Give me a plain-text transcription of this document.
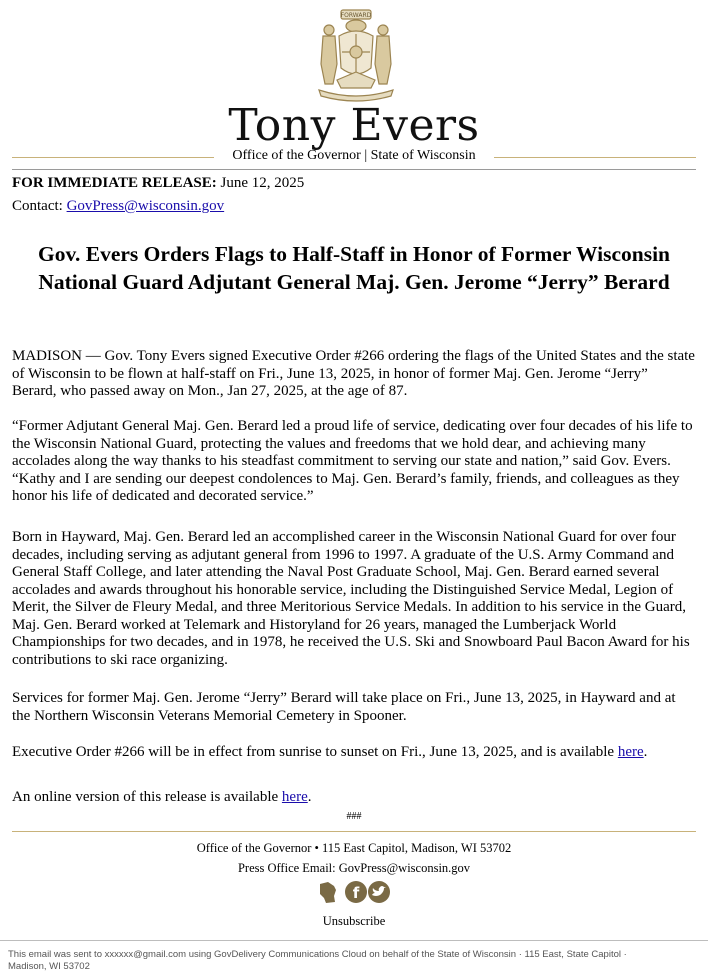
FORWARD
Tony Evers
Office of the Governor | State of Wisconsin

FOR IMMEDIATE RELEASE: June 12, 2025

Contact: GovPress@wisconsin.gov

Gov. Evers Orders Flags to Half-Staff in Honor of Former Wisconsin National Guard Adjutant General Maj. Gen. Jerome “Jerry” Berard

MADISON — Gov. Tony Evers signed Executive Order #266 ordering the flags of the United States and the state of Wisconsin to be flown at half-staff on Fri., June 13, 2025, in honor of former Maj. Gen. Jerome “Jerry” Berard, who passed away on Mon., Jan 27, 2025, at the age of 87.

“Former Adjutant General Maj. Gen. Berard led a proud life of service, dedicating over four decades of his life to the Wisconsin National Guard, protecting the values and freedoms that we hold dear, and achieving many accolades along the way thanks to his steadfast commitment to serving our state and nation,” said Gov. Evers. “Kathy and I are sending our deepest condolences to Maj. Gen. Berard’s family, friends, and colleagues as they honor his life of dedicated and decorated service.”

Born in Hayward, Maj. Gen. Berard led an accomplished career in the Wisconsin National Guard for over four decades, including serving as adjutant general from 1996 to 1997. A graduate of the U.S. Army Command and General Staff College, and later attending the Naval Post Graduate School, Maj. Gen. Berard earned several accolades and awards throughout his honorable service, including the Distinguished Service Medal, Legion of Merit, the Silver de Fleury Medal, and three Meritorious Service Medals. In addition to his service in the Guard, Maj. Gen. Berard worked at Telemark and Historyland for 26 years, managed the Lumberjack World Championships for two decades, and in 1978, he received the U.S. Ski and Snowboard Paul Bacon Award for his contributions to ski race organizing.

Services for former Maj. Gen. Jerome “Jerry” Berard will take place on Fri., June 13, 2025, in Hayward and at the Northern Wisconsin Veterans Memorial Cemetery in Spooner.

Executive Order #266 will be in effect from sunrise to sunset on Fri., June 13, 2025, and is available here.

An online version of this release is available here.

###
Office of the Governor • 115 East Capitol, Madison, WI 53702
Press Office Email: GovPress@wisconsin.gov
f
Unsubscribe
This email was sent to xxxxxx@gmail.com using GovDelivery Communications Cloud on behalf of the State of Wisconsin · 115 East, State Capitol · Madison, WI 53702
